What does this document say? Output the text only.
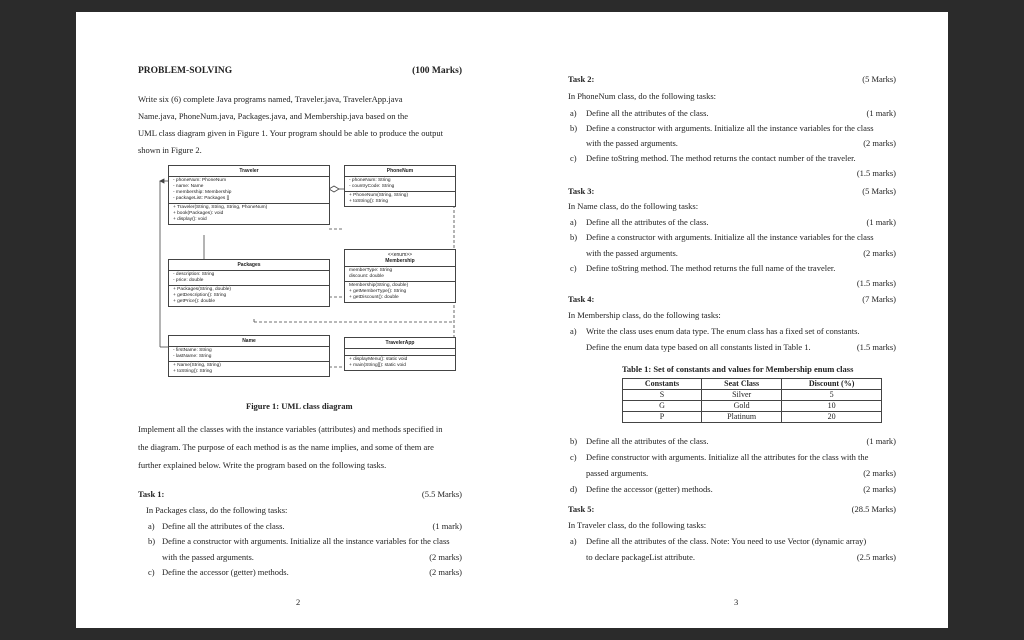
PROBLEM-SOLVING	(100 Marks)
Write six (6) complete Java programs named, Traveler.java, TravelerApp.java
Name.java, PhoneNum.java, Packages.java, and Membership.java based on the
UML class diagram given in Figure 1. Your program should be able to produce the output
shown in Figure 2.
Traveler
- phoneNum: PhoneNum
- name: Name
- membership: Membership
- packageList: Packages []
+ Traveler(String, String, String, PhoneNum)
+ book(Packages): void
+ display(): void
PhoneNum
- phoneNum: String
- countryCode: String
+ PhoneNum(String, String)
+ toString(): String
<<enum>>
Membership
memberType: String
discount: double
Membership(String, double)
+ getMemberType(): String
+ getDiscount(): double
Packages
- description: String
- price: double
+ Packages(String, double)
+ getDescription(): String
+ getPrice(): double
Name
- firstName: String
- lastName: String
+ Name(String, String)
+ toString(): String
TravelerApp
+ displayMenu(): static void
+ main(String[]): static void
Figure 1: UML class diagram
Implement all the classes with the instance variables (attributes) and methods specified in
the diagram. The purpose of each method is as the name implies, and some of them are
further explained below. Write the program based on the following tasks.
Task 1:	(5.5 Marks)
In Packages class, do the following tasks:
a) Define all the attributes of the class.	(1 mark)
b) Define a constructor with arguments. Initialize all the instance variables for the class
with the passed arguments.	(2 marks)
c) Define the accessor (getter) methods.	(2 marks)
2
Task 2:	(5 Marks)
In PhoneNum class, do the following tasks:
a) Define all the attributes of the class.	(1 mark)
b) Define a constructor with arguments. Initialize all the instance variables for the class
with the passed arguments.	(2 marks)
c) Define toString method. The method returns the contact number of the traveler.
(1.5 marks)
Task 3:	(5 Marks)
In Name class, do the following tasks:
a) Define all the attributes of the class.	(1 mark)
b) Define a constructor with arguments. Initialize all the instance variables for the class
with the passed arguments.	(2 marks)
c) Define toString method. The method returns the full name of the traveler.
(1.5 marks)
Task 4:	(7 Marks)
In Membership class, do the following tasks:
a) Write the class uses enum data type. The enum class has a fixed set of constants.
Define the enum data type based on all constants listed in Table 1.	(1.5 marks)
Table 1: Set of constants and values for Membership enum class
Constants	Seat Class	Discount (%)
S	Silver	5
G	Gold	10
P	Platinum	20
b) Define all the attributes of the class.	(1 mark)
c) Define constructor with arguments. Initialize all the attributes for the class with the
passed arguments.	(2 marks)
d) Define the accessor (getter) methods.	(2 marks)
Task 5:	(28.5 Marks)
In Traveler class, do the following tasks:
a) Define all the attributes of the class. Note: You need to use Vector (dynamic array)
to declare packageList attribute.	(2.5 marks)
3
